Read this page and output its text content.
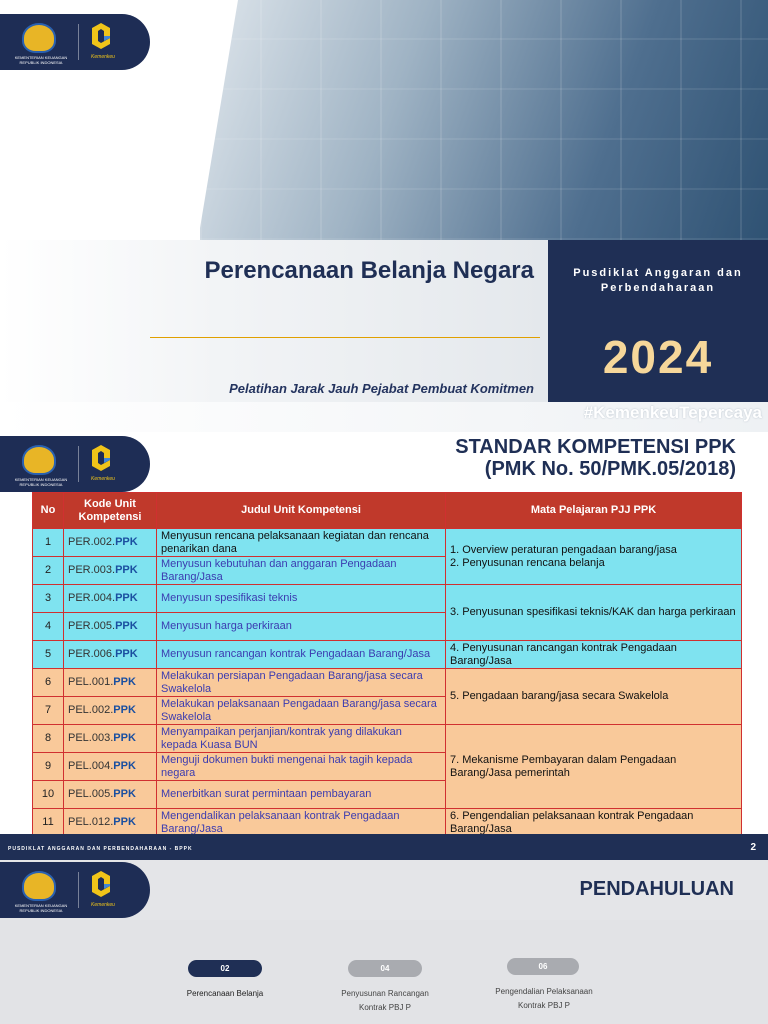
KEMENTERIAN KEUANGAN REPUBLIK INDONESIA
Kemenkeu
Perencanaan Belanja Negara
Pelatihan Jarak Jauh Pejabat Pembuat Komitmen
Pusdiklat Anggaran dan Perbendaharaan
2024
#KemenkeuTepercaya
KEMENTERIAN KEUANGAN REPUBLIK INDONESIA
Kemenkeu
STANDAR KOMPETENSI PPK
(PMK No. 50/PMK.05/2018)
No	Kode Unit Kompetensi	Judul Unit Kompetensi	Mata Pelajaran PJJ PPK
1	PER.002.PPK	Menyusun rencana pelaksanaan kegiatan dan rencana penarikan dana	1. Overview peraturan pengadaan barang/jasa
2. Penyusunan rencana belanja

2	PER.003.PPK	Menyusun kebutuhan dan anggaran Pengadaan Barang/Jasa	
3	PER.004.PPK	Menyusun spesifikasi teknis	3. Penyusunan spesifikasi teknis/KAK dan harga perkiraan
4	PER.005.PPK	Menyusun harga perkiraan	
5	PER.006.PPK	Menyusun rancangan kontrak Pengadaan Barang/Jasa	4. Penyusunan rancangan kontrak Pengadaan Barang/Jasa
6	PEL.001.PPK	Melakukan persiapan Pengadaan Barang/jasa secara Swakelola	5. Pengadaan barang/jasa secara Swakelola
7	PEL.002.PPK	Melakukan pelaksanaan Pengadaan Barang/jasa secara Swakelola	
8	PEL.003.PPK	Menyampaikan perjanjian/kontrak yang dilakukan kepada Kuasa BUN	7. Mekanisme Pembayaran dalam Pengadaan Barang/Jasa pemerintah
9	PEL.004.PPK	Menguji dokumen bukti mengenai hak tagih kepada negara	
10	PEL.005.PPK	Menerbitkan surat permintaan pembayaran	
11	PEL.012.PPK	Mengendalikan pelaksanaan kontrak Pengadaan Barang/Jasa	6. Pengendalian pelaksanaan kontrak Pengadaan Barang/Jasa
PUSDIKLAT ANGGARAN DAN PERBENDAHARAAN - BPPK	2
KEMENTERIAN KEUANGAN REPUBLIK INDONESIA
Kemenkeu
PENDAHULUAN
02
Perencanaan Belanja
04
Penyusunan Rancangan
Kontrak PBJ P
06
Pengendalian Pelaksanaan
Kontrak PBJ P
